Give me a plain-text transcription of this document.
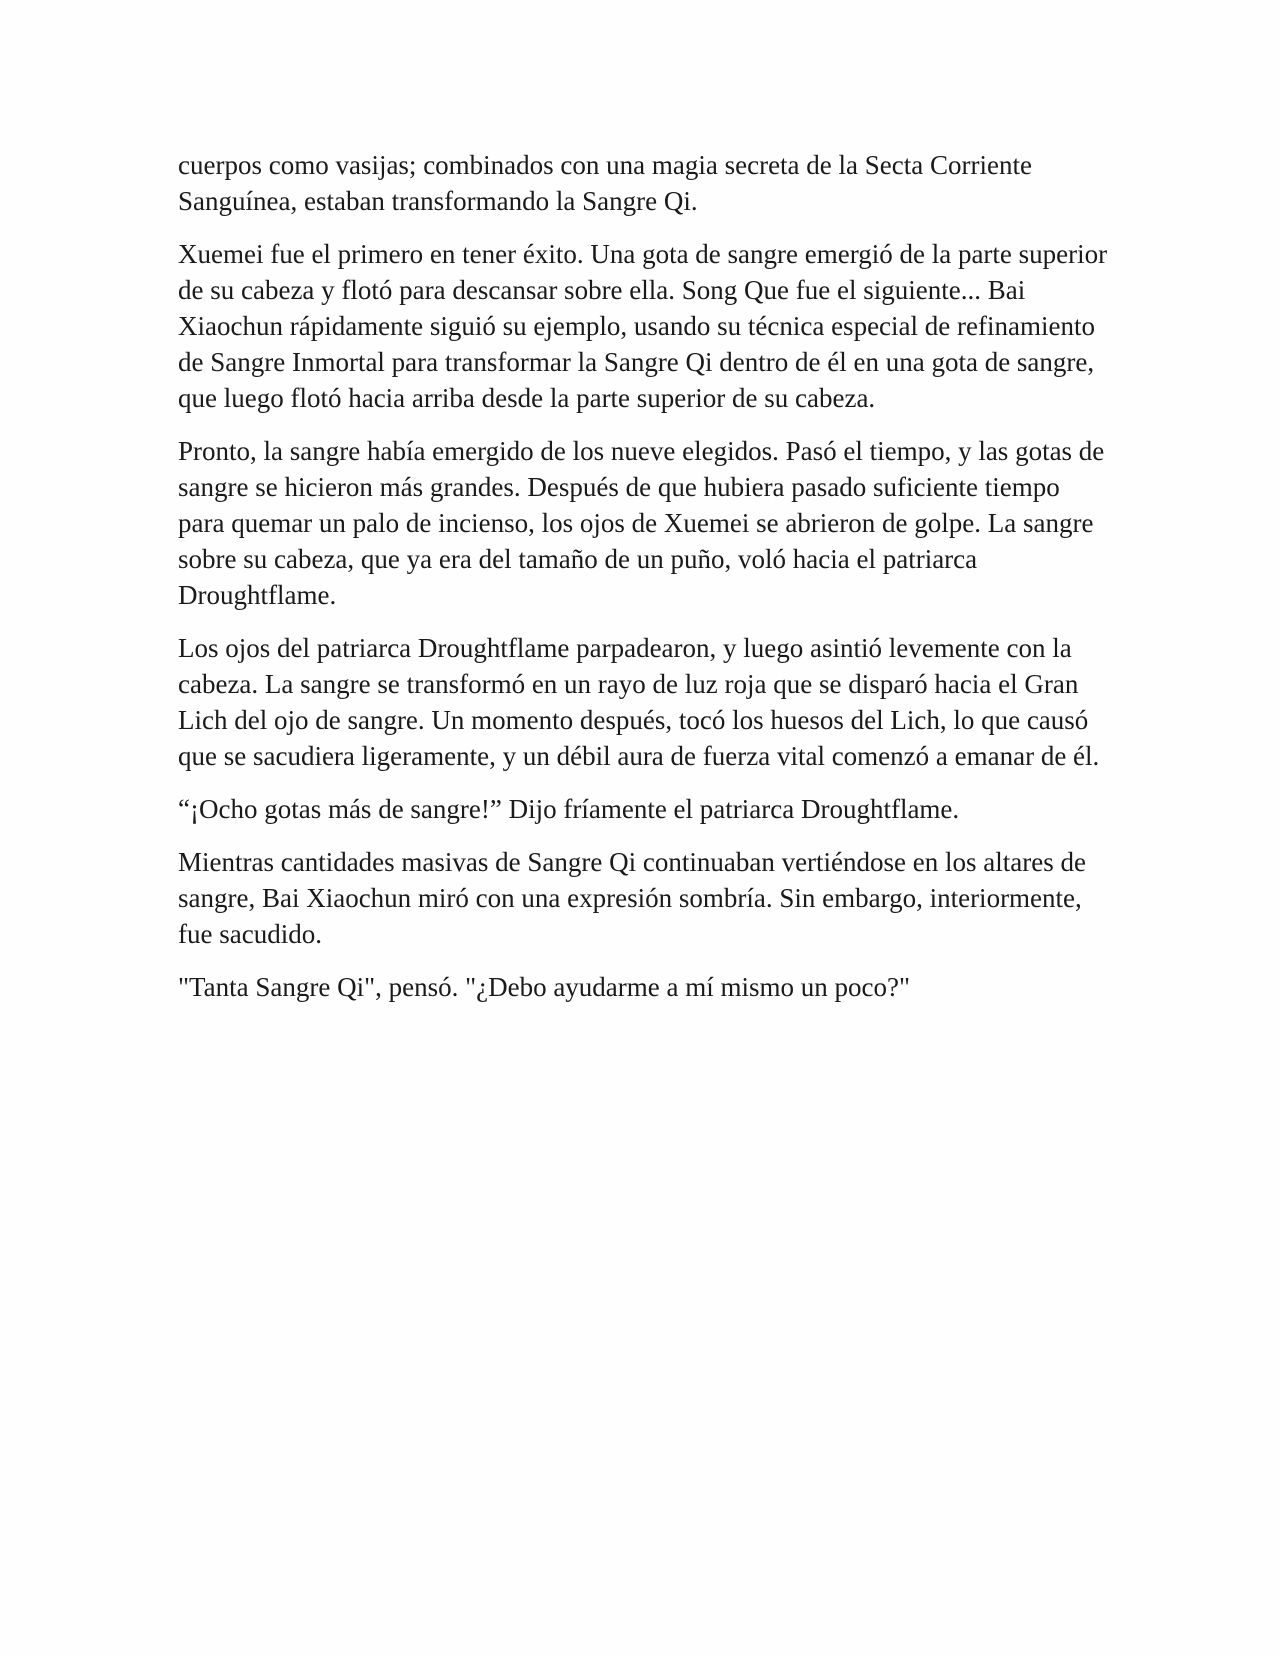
cuerpos como vasijas; combinados con una magia secreta de la Secta Corriente Sanguínea, estaban transformando la Sangre Qi.

Xuemei fue el primero en tener éxito. Una gota de sangre emergió de la parte superior de su cabeza y flotó para descansar sobre ella. Song Que fue el siguiente... Bai Xiaochun rápidamente siguió su ejemplo, usando su técnica especial de refinamiento de Sangre Inmortal para transformar la Sangre Qi dentro de él en una gota de sangre, que luego flotó hacia arriba desde la parte superior de su cabeza.

Pronto, la sangre había emergido de los nueve elegidos. Pasó el tiempo, y las gotas de sangre se hicieron más grandes. Después de que hubiera pasado suficiente tiempo para quemar un palo de incienso, los ojos de Xuemei se abrieron de golpe. La sangre sobre su cabeza, que ya era del tamaño de un puño, voló hacia el patriarca Droughtflame.

Los ojos del patriarca Droughtflame parpadearon, y luego asintió levemente con la cabeza. La sangre se transformó en un rayo de luz roja que se disparó hacia el Gran Lich del ojo de sangre. Un momento después, tocó los huesos del Lich, lo que causó que se sacudiera ligeramente, y un débil aura de fuerza vital comenzó a emanar de él.

“¡Ocho gotas más de sangre!” Dijo fríamente el patriarca Droughtflame.

Mientras cantidades masivas de Sangre Qi continuaban vertiéndose en los altares de sangre, Bai Xiaochun miró con una expresión sombría. Sin embargo, interiormente, fue sacudido.

"Tanta Sangre Qi", pensó. "¿Debo ayudarme a mí mismo un poco?"
